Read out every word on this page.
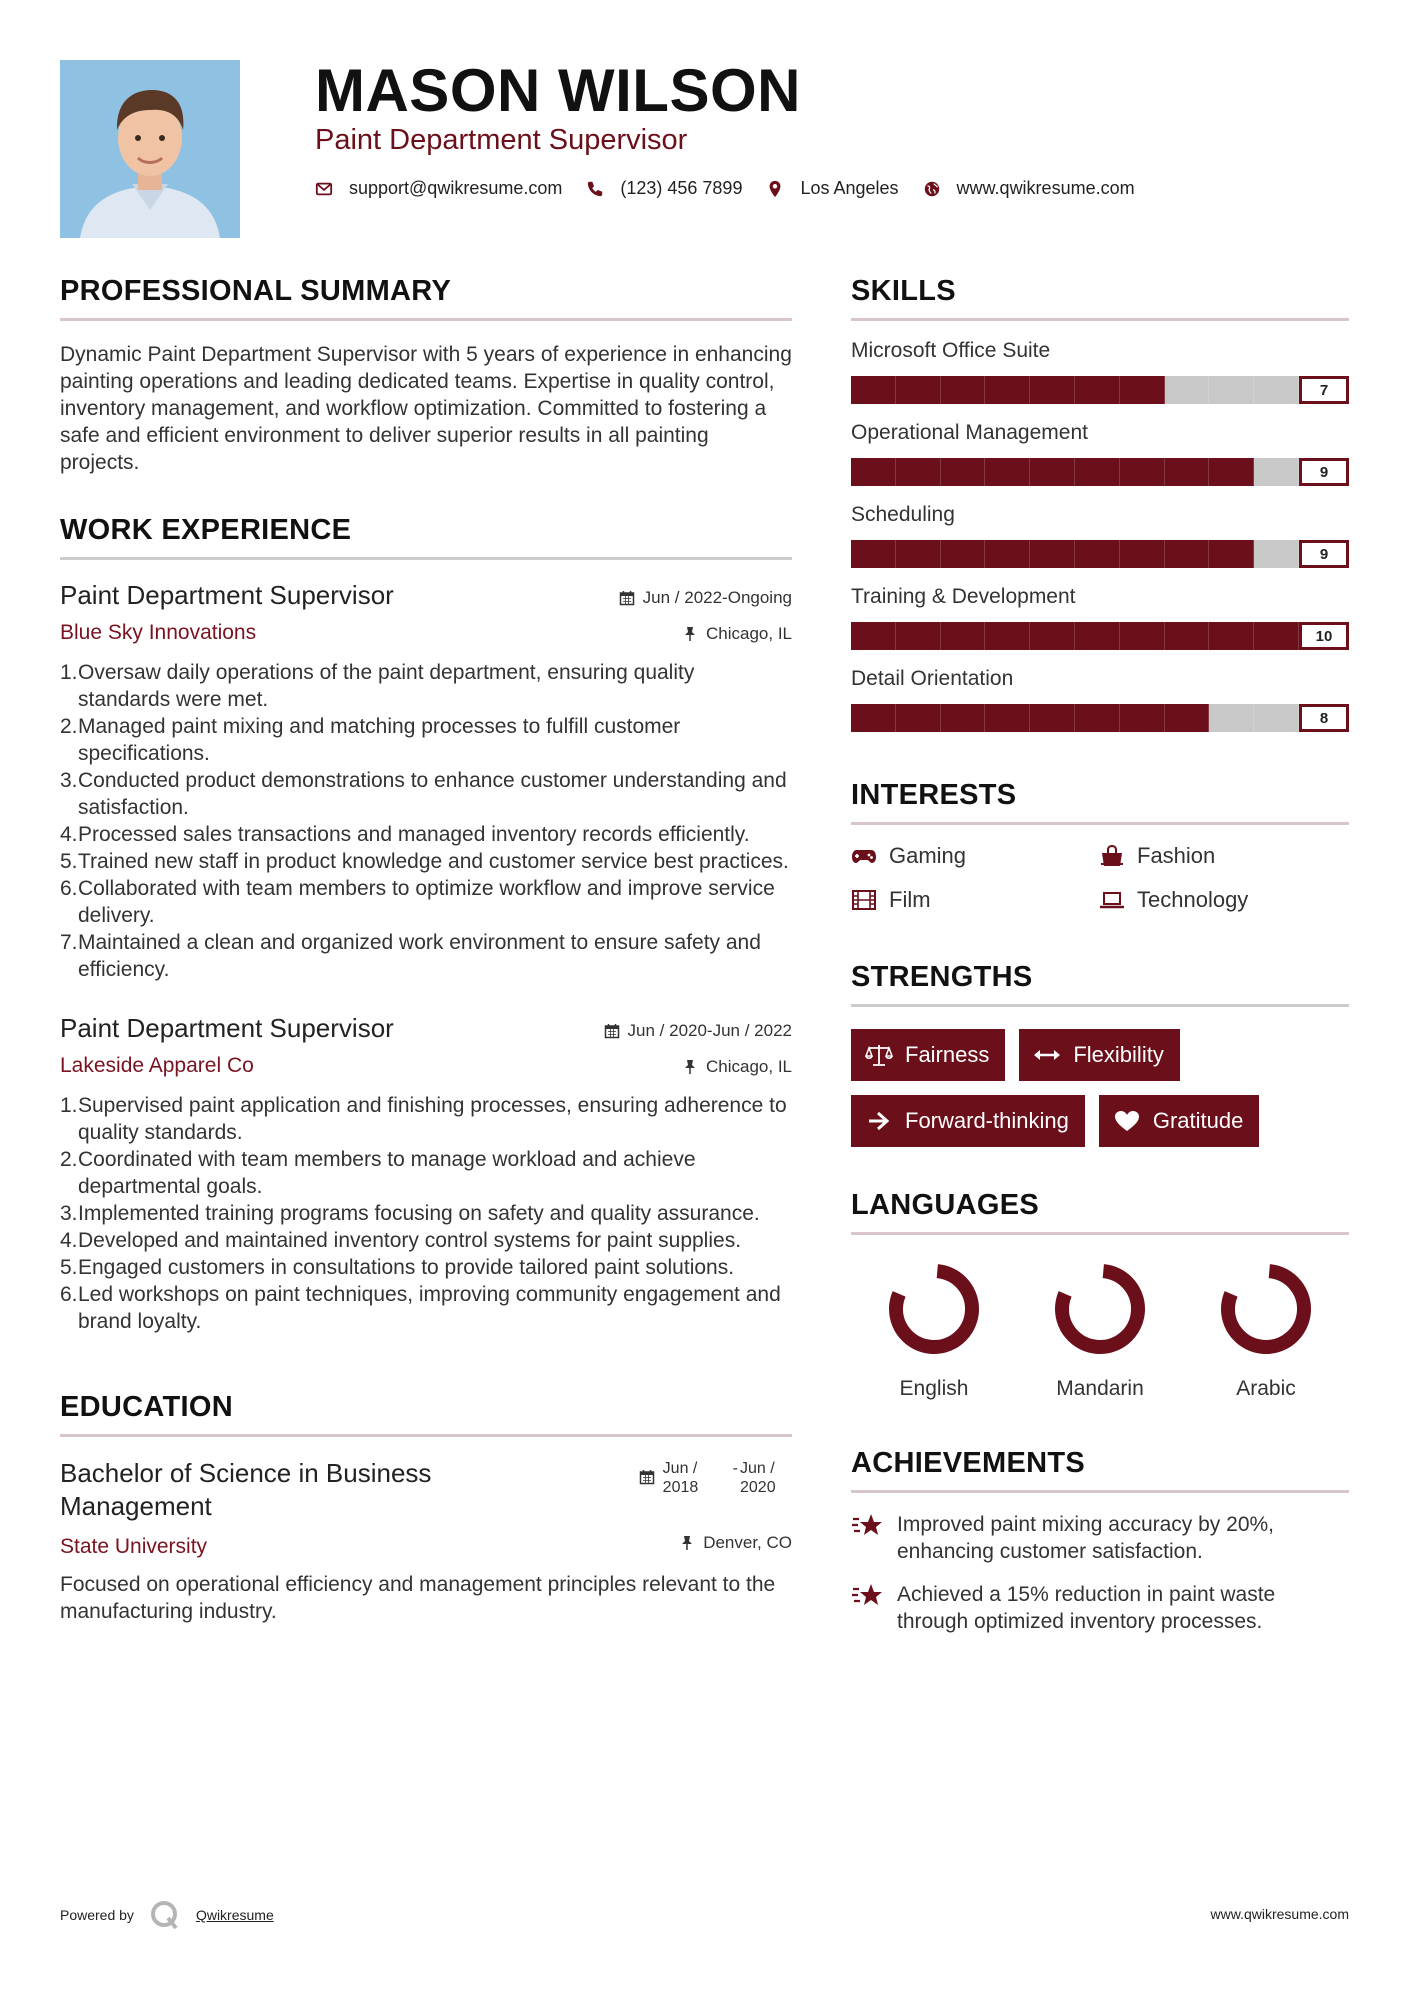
MASON WILSON
Paint Department Supervisor
support@qwikresume.com	(123) 456 7899	Los Angeles	www.qwikresume.com
PROFESSIONAL SUMMARY
Dynamic Paint Department Supervisor with 5 years of experience in enhancing painting operations and leading dedicated teams. Expertise in quality control, inventory management, and workflow optimization. Committed to fostering a safe and efficient environment to deliver superior results in all painting projects.
WORK EXPERIENCE
Jun / 2022-Ongoing
Chicago, IL
Paint Department Supervisor
Blue Sky Innovations
1. Oversaw daily operations of the paint department, ensuring quality standards were met.
2. Managed paint mixing and matching processes to fulfill customer specifications.
3. Conducted product demonstrations to enhance customer understanding and satisfaction.
4. Processed sales transactions and managed inventory records efficiently.
5. Trained new staff in product knowledge and customer service best practices.
6. Collaborated with team members to optimize workflow and improve service delivery.
7. Maintained a clean and organized work environment to ensure safety and efficiency.
Jun / 2020-Jun / 2022
Chicago, IL
Paint Department Supervisor
Lakeside Apparel Co
1. Supervised paint application and finishing processes, ensuring adherence to quality standards.
2. Coordinated with team members to manage workload and achieve departmental goals.
3. Implemented training programs focusing on safety and quality assurance.
4. Developed and maintained inventory control systems for paint supplies.
5. Engaged customers in consultations to provide tailored paint solutions.
6. Led workshops on paint techniques, improving community engagement and brand loyalty.
EDUCATION
Jun / 2018
- Jun / 2020
Denver, CO
Bachelor of Science in Business Management
State University
Focused on operational efficiency and management principles relevant to the manufacturing industry.
SKILLS
Microsoft Office Suite
7
Operational Management
9
Scheduling
9
Training & Development
10
Detail Orientation
8
INTERESTS
Gaming	Fashion
Film	Technology
STRENGTHS
Fairness	Flexibility
Forward-thinking	Gratitude
LANGUAGES
English	Mandarin	Arabic
ACHIEVEMENTS
Improved paint mixing accuracy by 20%, enhancing customer satisfaction.
Achieved a 15% reduction in paint waste through optimized inventory processes.
Powered by	Qwikresume	www.qwikresume.com
